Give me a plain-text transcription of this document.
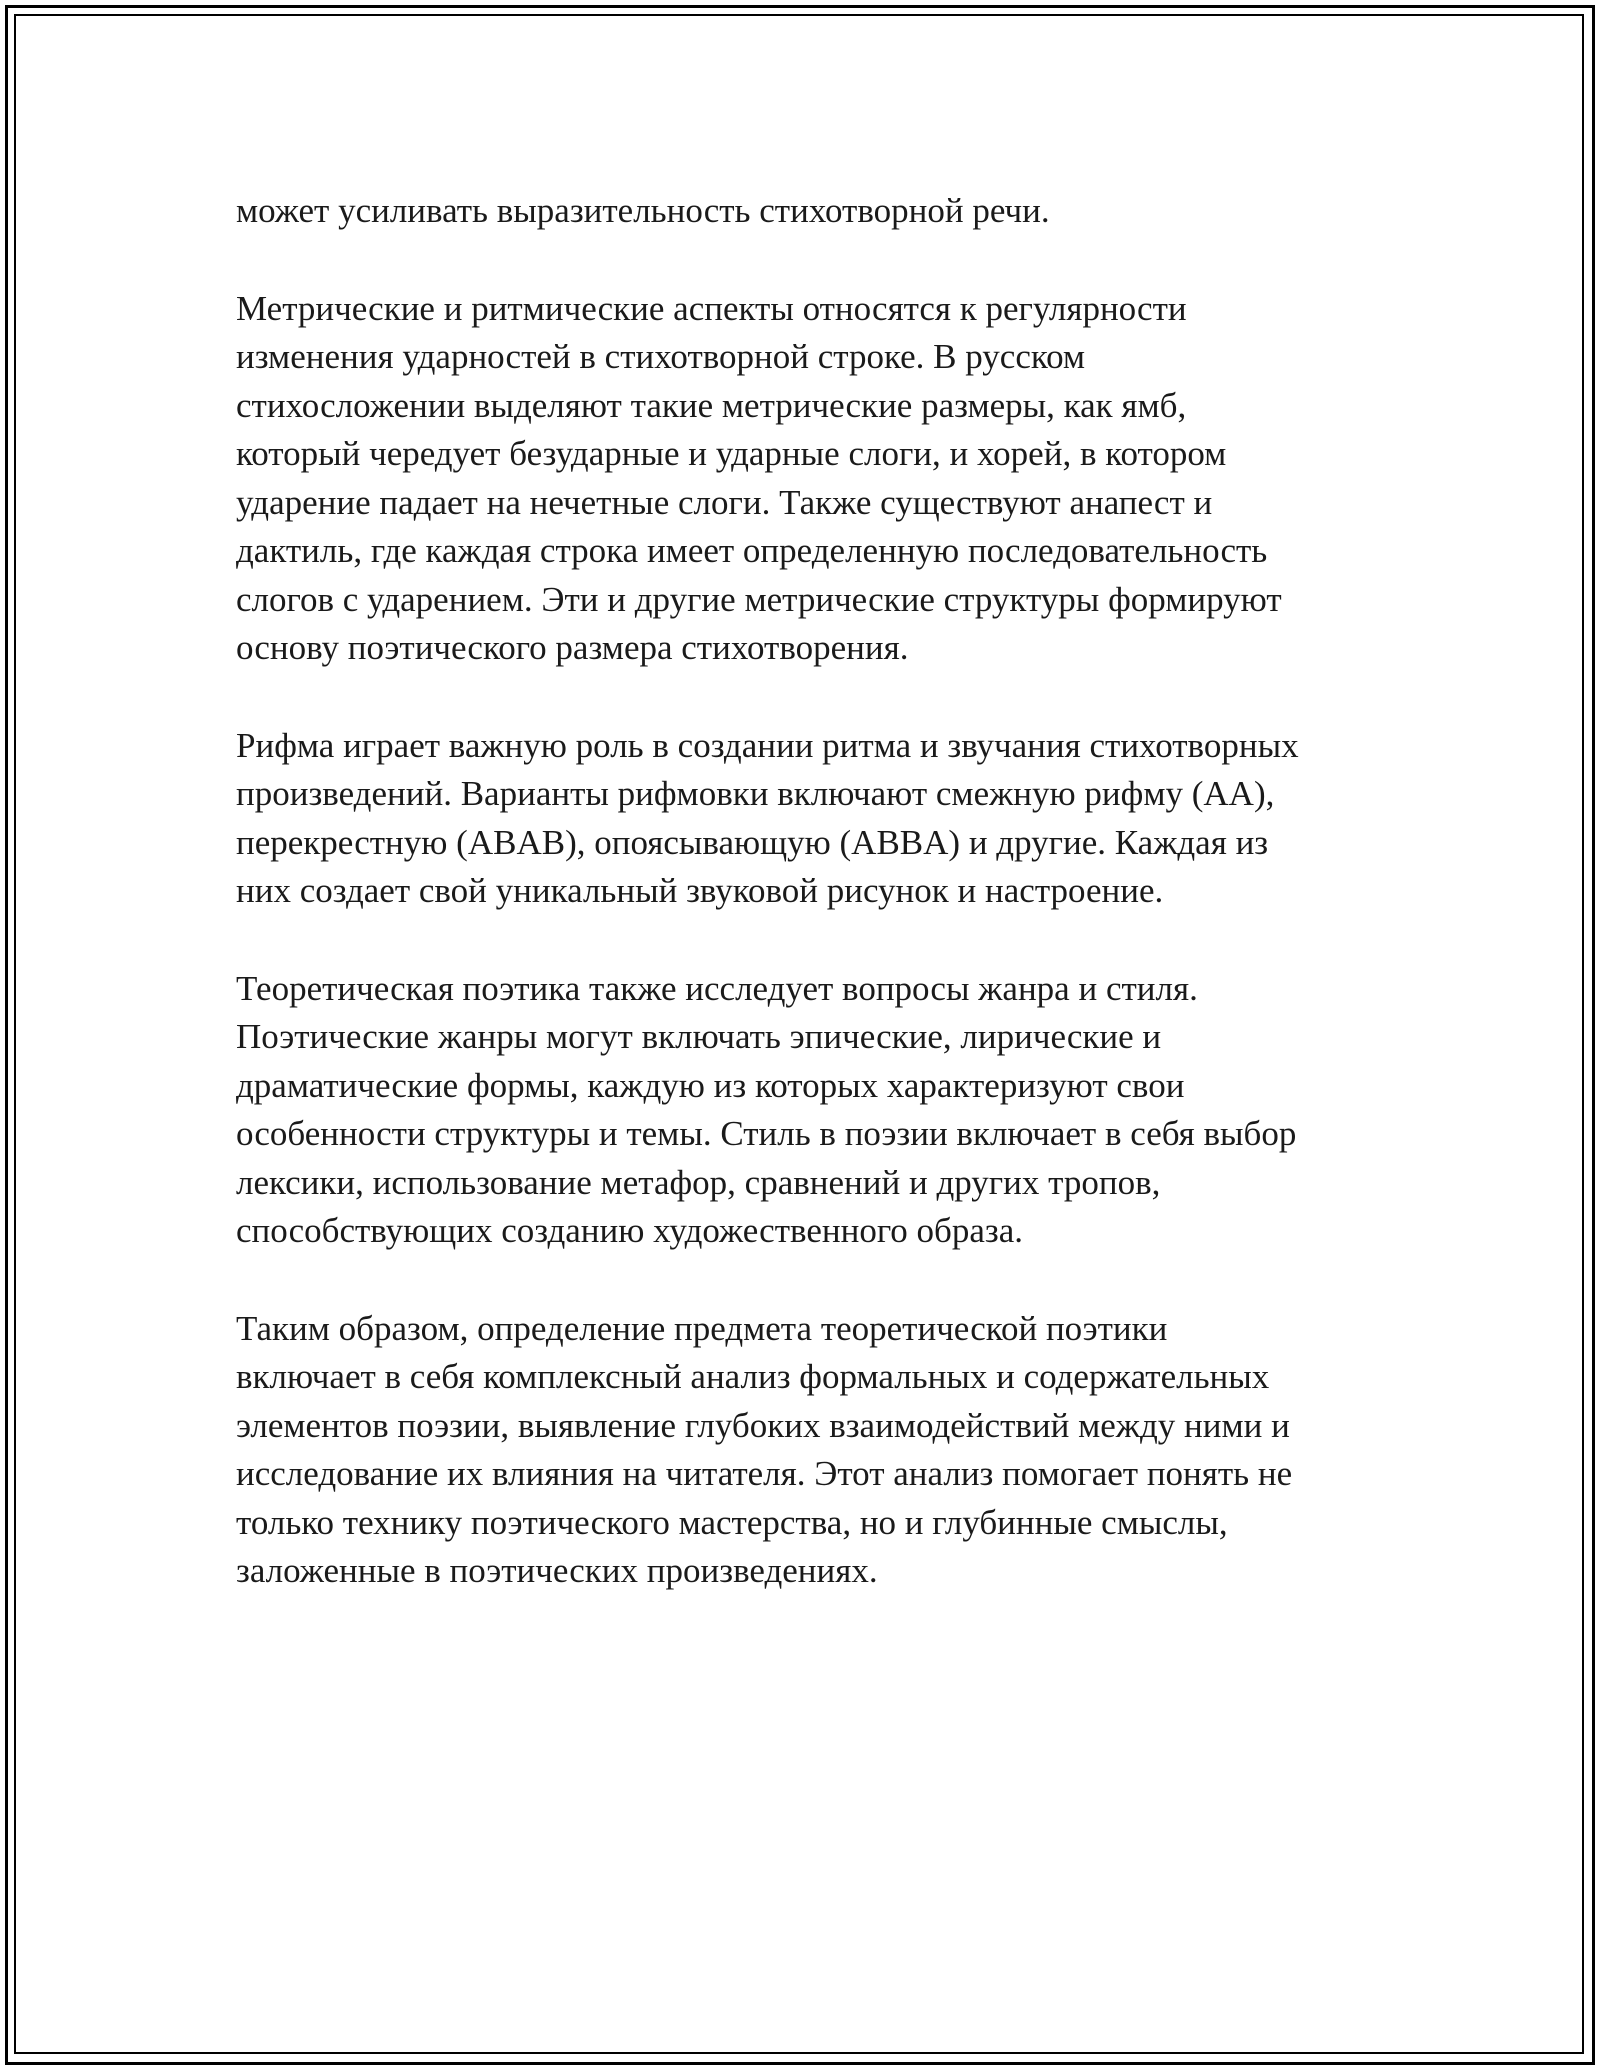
может усиливать выразительность стихотворной речи.

Метрические и ритмические аспекты относятся к регулярности
изменения ударностей в стихотворной строке. В русском
стихосложении выделяют такие метрические размеры, как ямб,
который чередует безударные и ударные слоги, и хорей, в котором
ударение падает на нечетные слоги. Также существуют анапест и
дактиль, где каждая строка имеет определенную последовательность
слогов с ударением. Эти и другие метрические структуры формируют
основу поэтического размера стихотворения.

Рифма играет важную роль в создании ритма и звучания стихотворных
произведений. Варианты рифмовки включают смежную рифму (AA),
перекрестную (ABAB), опоясывающую (ABBA) и другие. Каждая из
них создает свой уникальный звуковой рисунок и настроение.

Теоретическая поэтика также исследует вопросы жанра и стиля.
Поэтические жанры могут включать эпические, лирические и
драматические формы, каждую из которых характеризуют свои
особенности структуры и темы. Стиль в поэзии включает в себя выбор
лексики, использование метафор, сравнений и других тропов,
способствующих созданию художественного образа.

Таким образом, определение предмета теоретической поэтики
включает в себя комплексный анализ формальных и содержательных
элементов поэзии, выявление глубоких взаимодействий между ними и
исследование их влияния на читателя. Этот анализ помогает понять не
только технику поэтического мастерства, но и глубинные смыслы,
заложенные в поэтических произведениях.
